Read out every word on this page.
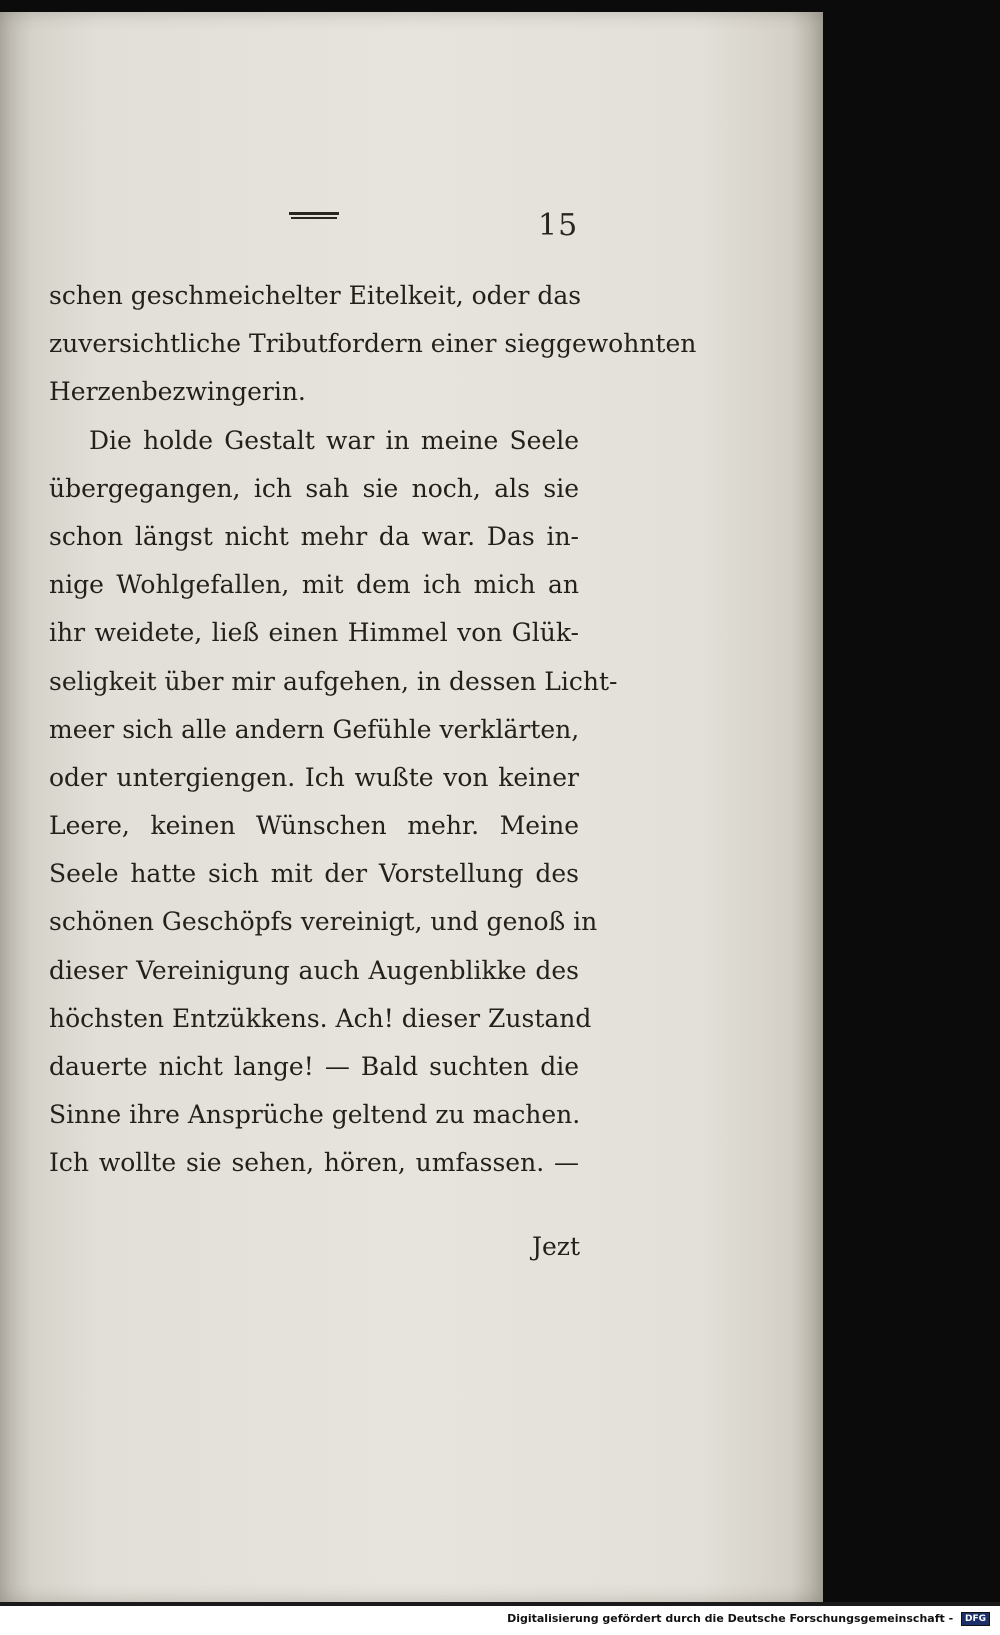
15
schen geschmeichelter Eitelkeit, oder das
zuversichtliche Tributfordern einer sieggewohnten
Herzenbezwingerin.
Die holde Gestalt war in meine Seele
übergegangen, ich sah sie noch, als sie
schon längst nicht mehr da war. Das in-
nige Wohlgefallen, mit dem ich mich an
ihr weidete, ließ einen Himmel von Glük-
seligkeit über mir aufgehen, in dessen Licht-
meer sich alle andern Gefühle verklärten,
oder untergiengen. Ich wußte von keiner
Leere, keinen Wünschen mehr. Meine
Seele hatte sich mit der Vorstellung des
schönen Geschöpfs vereinigt, und genoß in
dieser Vereinigung auch Augenblikke des
höchsten Entzükkens. Ach! dieser Zustand
dauerte nicht lange! — Bald suchten die
Sinne ihre Ansprüche geltend zu machen.
Ich wollte sie sehen, hören, umfassen. —
Jezt
Digitalisierung gefördert durch die Deutsche Forschungsgemeinschaft - DFG
